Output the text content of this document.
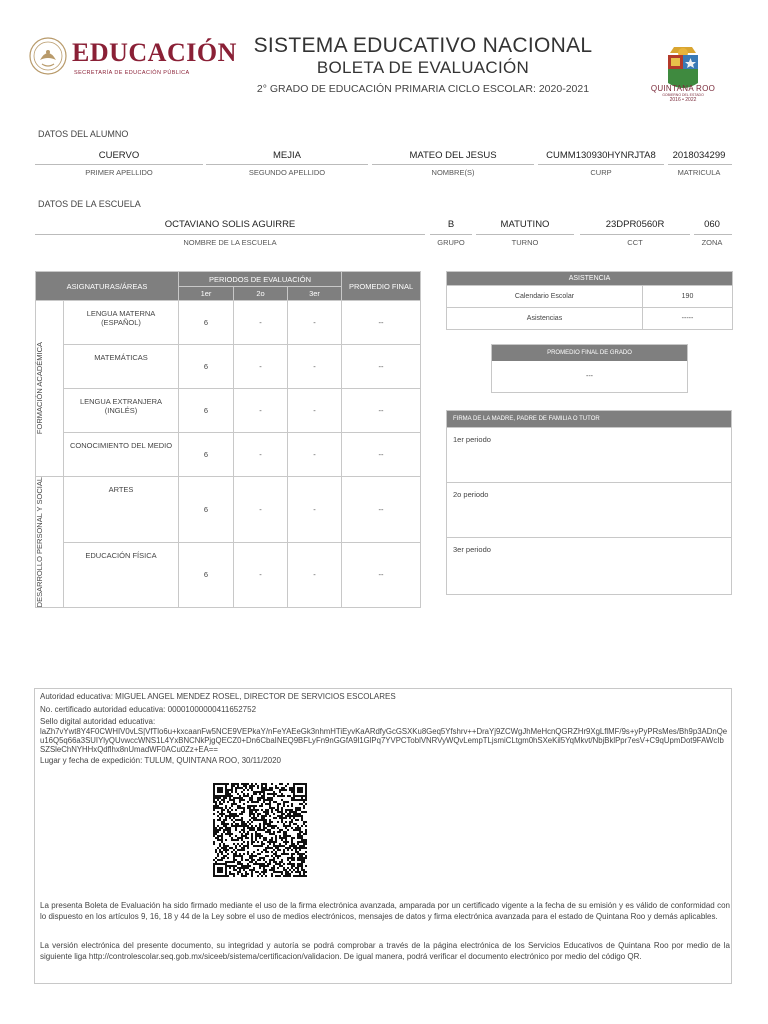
EDUCACIÓN
SECRETARÍA DE EDUCACIÓN PÚBLICA
SISTEMA EDUCATIVO NACIONAL
BOLETA DE EVALUACIÓN
2° GRADO DE EDUCACIÓN PRIMARIA CICLO ESCOLAR: 2020-2021	QUINTANA ROO
GOBIERNO DEL ESTADO
2016 • 2022
DATOS DEL ALUMNO
CUERVO	MEJIA	MATEO DEL JESUS	CUMM130930HYNRJTA8	2018034299
PRIMER APELLIDO	SEGUNDO APELLIDO	NOMBRE(S)	CURP	MATRICULA
DATOS DE LA ESCUELA
OCTAVIANO SOLIS AGUIRRE	B	MATUTINO	23DPR0560R	060
NOMBRE DE LA ESCUELA	GRUPO	TURNO	CCT	ZONA
ASIGNATURAS/ÁREAS		PERIODOS DE EVALUACIÓN			PROMEDIO FINAL
		1er	2o	3er	

FORMACIÓN ACADÉMICA	LENGUA MATERNA (ESPAÑOL)	6	-	-	--
	MATEMÁTICAS	6	-	-	--
	LENGUA EXTRANJERA (INGLÉS)	6	-	-	--
	CONOCIMIENTO DEL MEDIO	6	-	-	--

DESARROLLO PERSONAL Y SOCIAL	ARTES	6	-	-	--
	EDUCACIÓN FÍSICA	6	-	-	--
ASISTENCIA	
Calendario Escolar	190
Asistencias	-----
PROMEDIO FINAL DE GRADO
---
FIRMA DE LA MADRE, PADRE DE FAMILIA O TUTOR
1er periodo
2o periodo
3er periodo
Autoridad educativa: MIGUEL ANGEL MENDEZ ROSEL, DIRECTOR DE SERVICIOS ESCOLARES
No. certificado autoridad educativa: 00001000000411652752
Sello digital autoridad educativa:
laZh7vYwt8Y4F0CWHIV0vLS|VfTlo6u+kxcaanFw5NCE9VEPkaY/nFeYAEeGk3nhmHTiEyvKaARdfyGcGSXKu8Geq5Yfshrv++DraYj9ZCWgJhMeHcnQGRZHr9XgLflMF/9s+yPyPRsMes/Bh9p3ADnQeu16Q5q66a3SUIYlyQUvwccWNS1L4YxBNCNkPjgQECZ0+Dn6CbaINEQ9BFLyFn9nGGfA9l1GlPq7YVPCToblVNRVyWQvLempTLjsmiCLtgm0hSXeKil5YqMkvt/NbjBklPpr7esV+C9qUpmDot9FAWcIbSZSleChNYHHxQdflhx8nUmadWF0ACu0Zz+EA==
Lugar y fecha de expedición: TULUM, QUINTANA ROO, 30/11/2020
La presenta Boleta de Evaluación ha sido firmado mediante el uso de la firma electrónica avanzada, amparada por un certificado vigente a la fecha de su emisión y es válido de conformidad con lo dispuesto en los artículos 9, 16, 18 y 44 de la Ley sobre el uso de medios electrónicos, mensajes de datos y firma electrónica avanzada para el estado de Quintana Roo y demás aplicables.
La versión electrónica del presente documento, su integridad y autoría se podrá comprobar a través de la página electrónica de los Servicios Educativos de Quintana Roo por medio de la siguiente liga http://controlescolar.seq.gob.mx/siceeb/sistema/certificacion/validacion. De igual manera, podrá verificar el documento electrónico por medio del código QR.
